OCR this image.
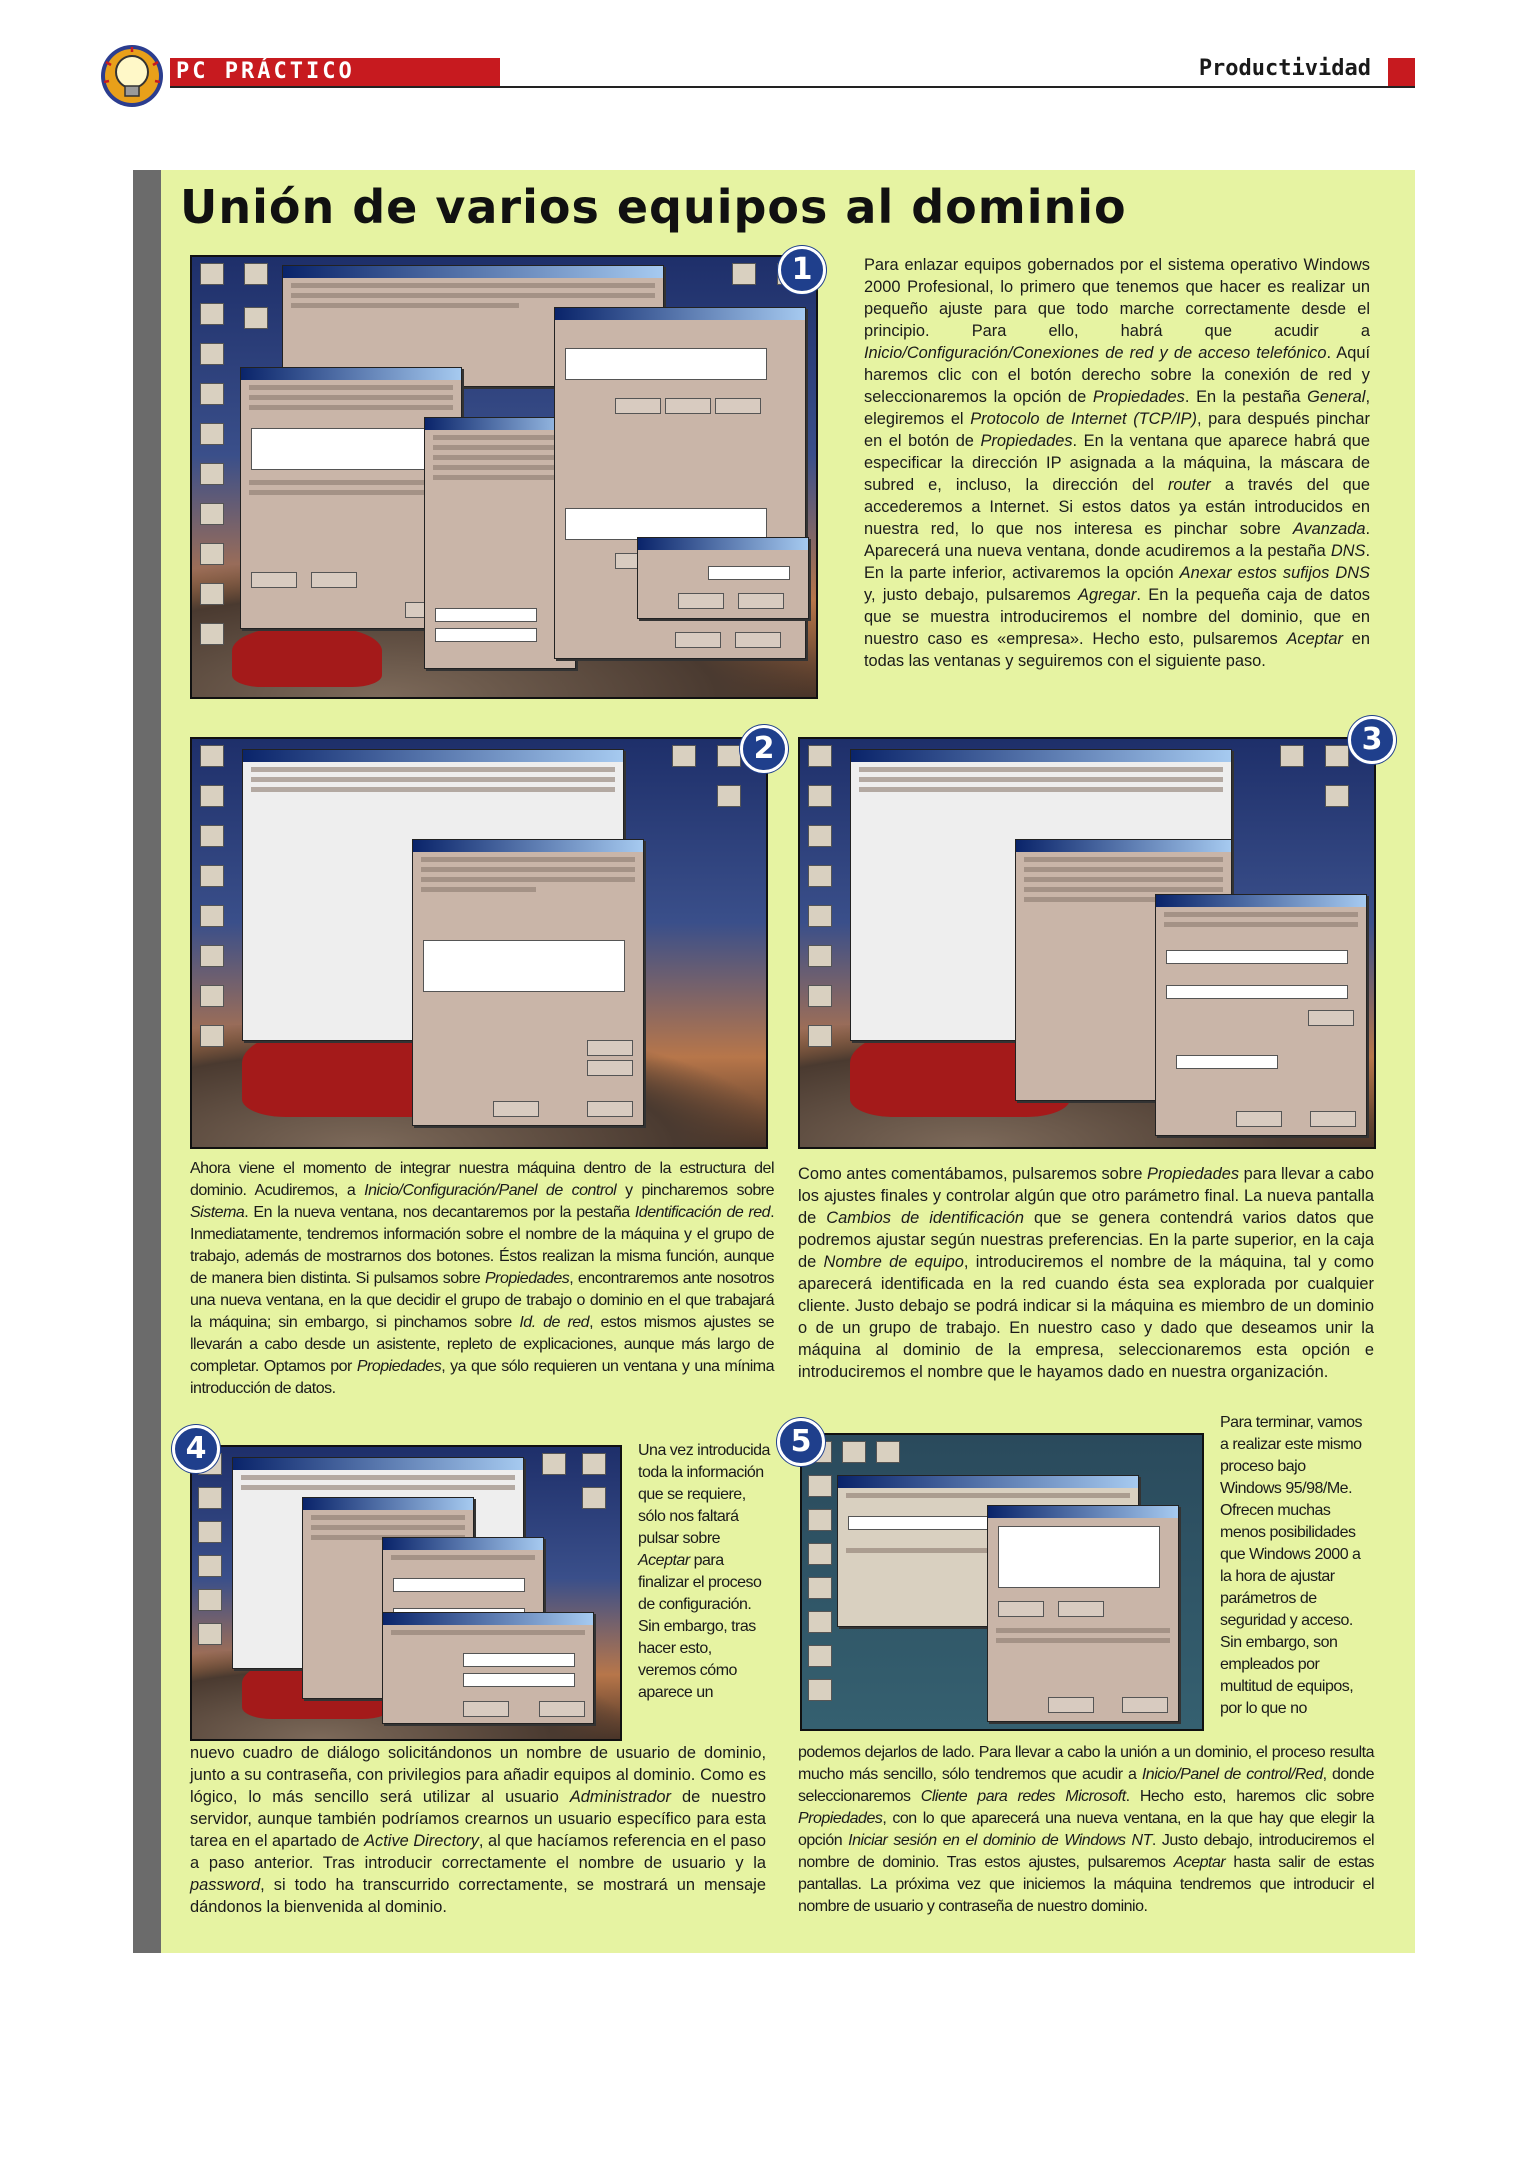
PC PRÁCTICO	Productividad
Unión de varios equipos al dominio
1	Para enlazar equipos gobernados por el sistema operativo Windows 2000 Profesional, lo primero que tenemos que hacer es realizar un pequeño ajuste para que todo marche correctamente desde el principio. Para ello, habrá que acudir a Inicio/Configuración/Conexiones de red y de acceso telefónico. Aquí haremos clic con el botón derecho sobre la conexión de red y seleccionaremos la opción de Propiedades. En la pestaña General, elegiremos el Protocolo de Internet (TCP/IP), para después pinchar en el botón de Propiedades. En la ventana que aparece habrá que especificar la dirección IP asignada a la máquina, la máscara de subred e, incluso, la dirección del router a través del que accederemos a Internet. Si estos datos ya están introducidos en nuestra red, lo que nos interesa es pinchar sobre Avanzada. Aparecerá una nueva ventana, donde acudiremos a la pestaña DNS. En la parte inferior, activaremos la opción Anexar estos sufijos DNS y, justo debajo, pulsaremos Agregar. En la pequeña caja de datos que se muestra introduciremos el nombre del dominio, que en nuestro caso es «empresa». Hecho esto, pulsaremos Aceptar en todas las ventanas y seguiremos con el siguiente paso.

2	3

Ahora viene el momento de integrar nuestra máquina dentro de la estructura del dominio. Acudiremos, a Inicio/Configuración/Panel de control y pincharemos sobre Sistema. En la nueva ventana, nos decantaremos por la pestaña Identificación de red. Inmediatamente, tendremos información sobre el nombre de la máquina y el grupo de trabajo, además de mostrarnos dos botones. Éstos realizan la misma función, aunque de manera bien distinta. Si pulsamos sobre Propiedades, encontraremos ante nosotros una nueva ventana, en la que decidir el grupo de trabajo o dominio en el que trabajará la máquina; sin embargo, si pinchamos sobre Id. de red, estos mismos ajustes se llevarán a cabo desde un asistente, repleto de explicaciones, aunque más largo de completar. Optamos por Propiedades, ya que sólo requieren un ventana y una mínima introducción de datos.

Como antes comentábamos, pulsaremos sobre Propiedades para llevar a cabo los ajustes finales y controlar algún que otro parámetro final. La nueva pantalla de Cambios de identificación que se genera contendrá varios datos que podremos ajustar según nuestras preferencias. En la parte superior, en la caja de Nombre de equipo, introduciremos el nombre de la máquina, tal y como aparecerá identificada en la red cuando ésta sea explorada por cualquier cliente. Justo debajo se podrá indicar si la máquina es miembro de un dominio o de un grupo de trabajo. En nuestro caso y dado que deseamos unir la máquina al dominio de la empresa, seleccionaremos esta opción e introduciremos el nombre que le hayamos dado en nuestra organización.

4	Una vez introducida toda la información que se requiere, sólo nos faltará pulsar sobre Aceptar para finalizar el proceso de configuración. Sin embargo, tras hacer esto, veremos cómo aparece un

5

Para terminar, vamos a realizar este mismo proceso bajo Windows 95/98/Me. Ofrecen muchas menos posibilidades que Windows 2000 a la hora de ajustar parámetros de seguridad y acceso. Sin embargo, son empleados por multitud de equipos, por lo que no

nuevo cuadro de diálogo solicitándonos un nombre de usuario de dominio, junto a su contraseña, con privilegios para añadir equipos al dominio. Como es lógico, lo más sencillo será utilizar al usuario Administrador de nuestro servidor, aunque también podríamos crearnos un usuario específico para esta tarea en el apartado de Active Directory, al que hacíamos referencia en el paso a paso anterior. Tras introducir correctamente el nombre de usuario y la password, si todo ha transcurrido correctamente, se mostrará un mensaje dándonos la bienvenida al dominio.

podemos dejarlos de lado. Para llevar a cabo la unión a un dominio, el proceso resulta mucho más sencillo, sólo tendremos que acudir a Inicio/Panel de control/Red, donde seleccionaremos Cliente para redes Microsoft. Hecho esto, haremos clic sobre Propiedades, con lo que aparecerá una nueva ventana, en la que hay que elegir la opción Iniciar sesión en el dominio de Windows NT. Justo debajo, introduciremos el nombre de dominio. Tras estos ajustes, pulsaremos Aceptar hasta salir de estas pantallas. La próxima vez que iniciemos la máquina tendremos que introducir el nombre de usuario y contraseña de nuestro dominio.
